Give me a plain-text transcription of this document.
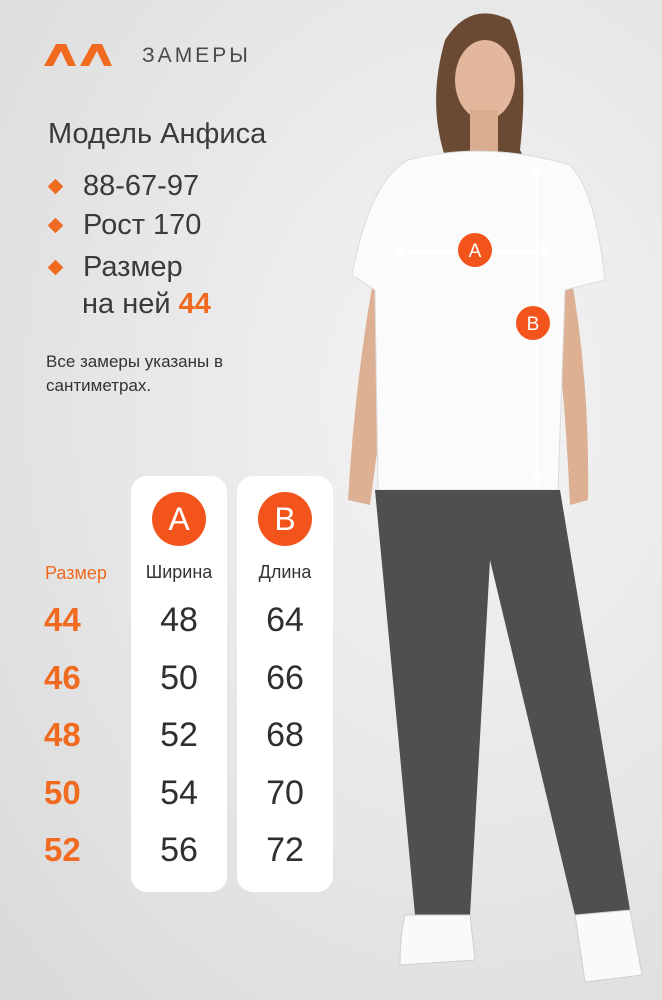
ЗАМЕРЫ
Модель Анфиса
88-67-97
Рост 170
Размер
на ней 44
Все замеры указаны в сантиметрах.
Размер
44
46
48
50
52
A
Ширина
48
50
52
54
56
B
Длина
64
66
68
70
72
A
B
